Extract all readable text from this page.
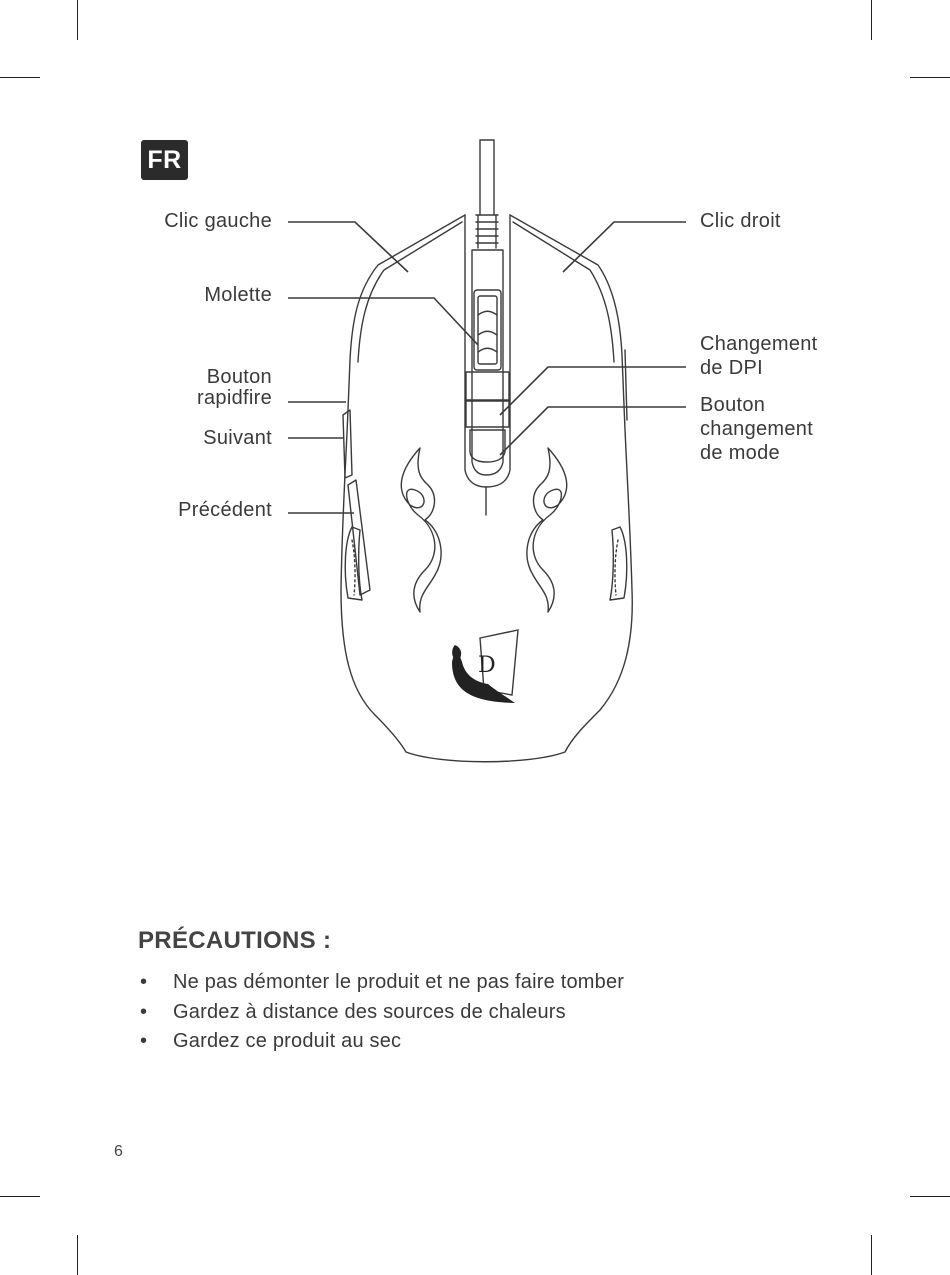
FR
D
Clic gauche
Molette
Bouton
rapidfire
Suivant
Précédent
Clic droit
Changement
de DPI
Bouton
changement
de mode
PRÉCAUTIONS :
• Ne pas démonter le produit et ne pas faire tomber
• Gardez à distance des sources de chaleurs
• Gardez ce produit au sec
6
